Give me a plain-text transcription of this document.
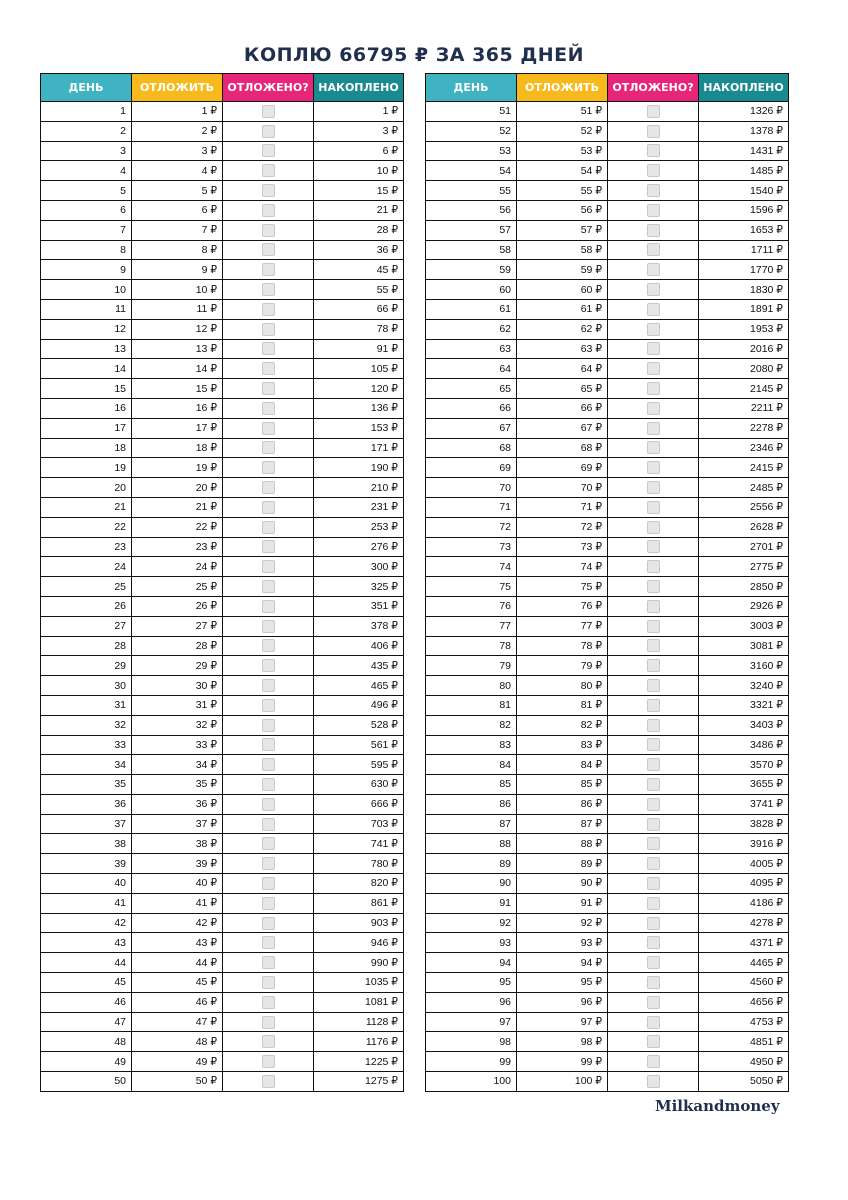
КОПЛЮ 66795 ₽ ЗА 365 ДНЕЙ
ДЕНЬ	ОТЛОЖИТЬ	ОТЛОЖЕНО?	НАКОПЛЕНО
1	1 ₽		1 ₽
2	2 ₽		3 ₽
3	3 ₽		6 ₽
4	4 ₽		10 ₽
5	5 ₽		15 ₽
6	6 ₽		21 ₽
7	7 ₽		28 ₽
8	8 ₽		36 ₽
9	9 ₽		45 ₽
10	10 ₽		55 ₽
11	11 ₽		66 ₽
12	12 ₽		78 ₽
13	13 ₽		91 ₽
14	14 ₽		105 ₽
15	15 ₽		120 ₽
16	16 ₽		136 ₽
17	17 ₽		153 ₽
18	18 ₽		171 ₽
19	19 ₽		190 ₽
20	20 ₽		210 ₽
21	21 ₽		231 ₽
22	22 ₽		253 ₽
23	23 ₽		276 ₽
24	24 ₽		300 ₽
25	25 ₽		325 ₽
26	26 ₽		351 ₽
27	27 ₽		378 ₽
28	28 ₽		406 ₽
29	29 ₽		435 ₽
30	30 ₽		465 ₽
31	31 ₽		496 ₽
32	32 ₽		528 ₽
33	33 ₽		561 ₽
34	34 ₽		595 ₽
35	35 ₽		630 ₽
36	36 ₽		666 ₽
37	37 ₽		703 ₽
38	38 ₽		741 ₽
39	39 ₽		780 ₽
40	40 ₽		820 ₽
41	41 ₽		861 ₽
42	42 ₽		903 ₽
43	43 ₽		946 ₽
44	44 ₽		990 ₽
45	45 ₽		1035 ₽
46	46 ₽		1081 ₽
47	47 ₽		1128 ₽
48	48 ₽		1176 ₽
49	49 ₽		1225 ₽
50	50 ₽		1275 ₽
ДЕНЬ	ОТЛОЖИТЬ	ОТЛОЖЕНО?	НАКОПЛЕНО
51	51 ₽		1326 ₽
52	52 ₽		1378 ₽
53	53 ₽		1431 ₽
54	54 ₽		1485 ₽
55	55 ₽		1540 ₽
56	56 ₽		1596 ₽
57	57 ₽		1653 ₽
58	58 ₽		1711 ₽
59	59 ₽		1770 ₽
60	60 ₽		1830 ₽
61	61 ₽		1891 ₽
62	62 ₽		1953 ₽
63	63 ₽		2016 ₽
64	64 ₽		2080 ₽
65	65 ₽		2145 ₽
66	66 ₽		2211 ₽
67	67 ₽		2278 ₽
68	68 ₽		2346 ₽
69	69 ₽		2415 ₽
70	70 ₽		2485 ₽
71	71 ₽		2556 ₽
72	72 ₽		2628 ₽
73	73 ₽		2701 ₽
74	74 ₽		2775 ₽
75	75 ₽		2850 ₽
76	76 ₽		2926 ₽
77	77 ₽		3003 ₽
78	78 ₽		3081 ₽
79	79 ₽		3160 ₽
80	80 ₽		3240 ₽
81	81 ₽		3321 ₽
82	82 ₽		3403 ₽
83	83 ₽		3486 ₽
84	84 ₽		3570 ₽
85	85 ₽		3655 ₽
86	86 ₽		3741 ₽
87	87 ₽		3828 ₽
88	88 ₽		3916 ₽
89	89 ₽		4005 ₽
90	90 ₽		4095 ₽
91	91 ₽		4186 ₽
92	92 ₽		4278 ₽
93	93 ₽		4371 ₽
94	94 ₽		4465 ₽
95	95 ₽		4560 ₽
96	96 ₽		4656 ₽
97	97 ₽		4753 ₽
98	98 ₽		4851 ₽
99	99 ₽		4950 ₽
100	100 ₽		5050 ₽
Milkandmoney
